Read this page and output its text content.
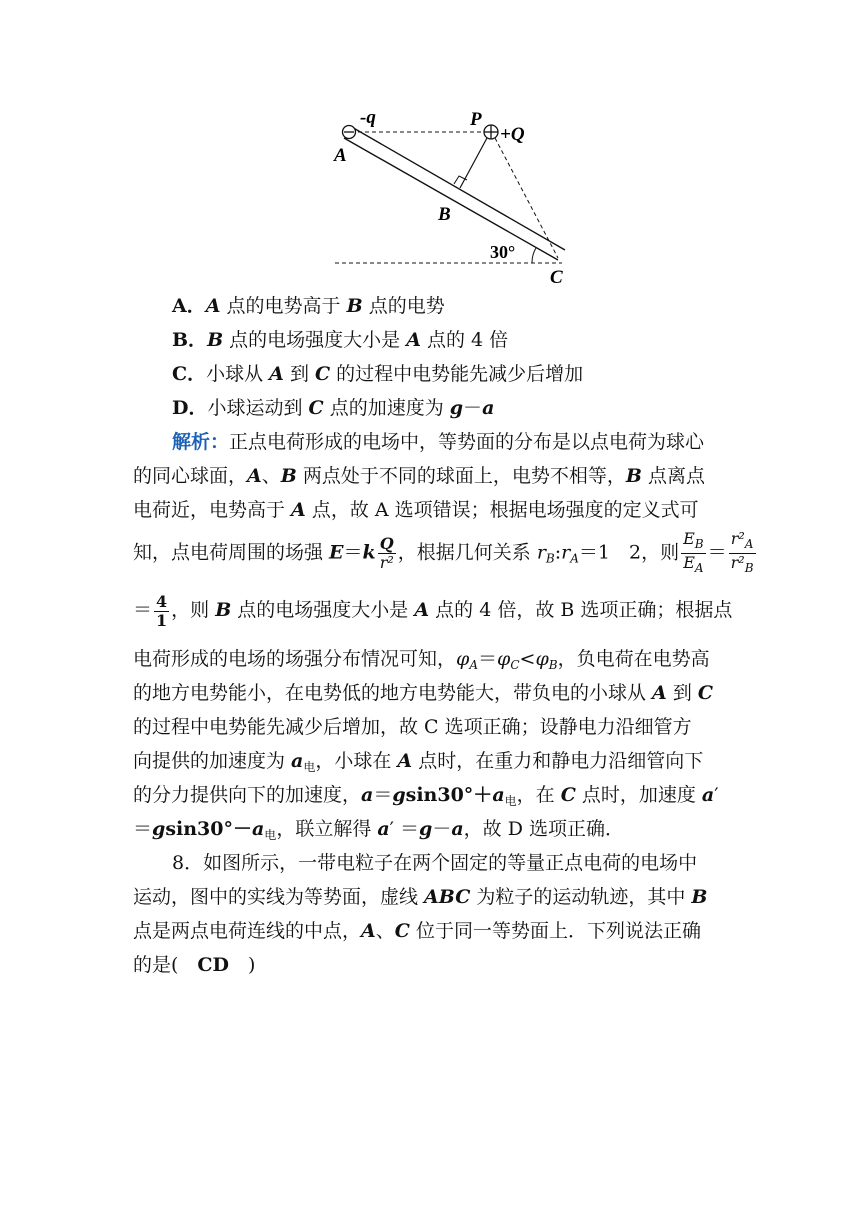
-q
A
P
+Q
B
30°
C
A．A 点的电势高于 B 点的电势
B．B 点的电场强度大小是 A 点的 4 倍
C．小球从 A 到 C 的过程中电势能先减少后增加
D．小球运动到 C 点的加速度为 g－a
解析：正点电荷形成的电场中，等势面的分布是以点电荷为球心
的同心球面，A、B 两点处于不同的球面上，电势不相等，B 点离点
电荷近，电势高于 A 点，故 A 选项错误；根据电场强度的定义式可
知，点电荷周围的场强 $E=k \frac{Q}{\text{r²}}$ ，根据几何关系 $r_B:r_A=1$　2，则 $\frac{E_B}{E_A} = \frac{r^2_A}{r^2_B}$
＝ $\frac{4}{1}$ ，则 B 点的电场强度大小是 A 点的 4 倍，故 B 选项正确；根据点
电荷形成的电场的场强分布情况可知，$\varphi_A=\varphi_C<\varphi_B$，负电荷在电势高
的地方电势能小，在电势低的地方电势能大，带负电的小球从 A 到 C
的过程中电势能先减少后增加，故 C 选项正确；设静电力沿细管方
向提供的加速度为 $a_电$，小球在 A 点时，在重力和静电力沿细管向下
的分力提供向下的加速度，$a=gsin30^\circ+a_电$，在 C 点时，加速度 a′
$=gsin30^\circ-a_电$，联立解得 a′ ＝g－a，故 D 选项正确．
8．如图所示，一带电粒子在两个固定的等量正点电荷的电场中
运动，图中的实线为等势面，虚线 ABC 为粒子的运动轨迹，其中 B
点是两点电荷连线的中点，A、C 位于同一等势面上．下列说法正确
的是(　CD　)
